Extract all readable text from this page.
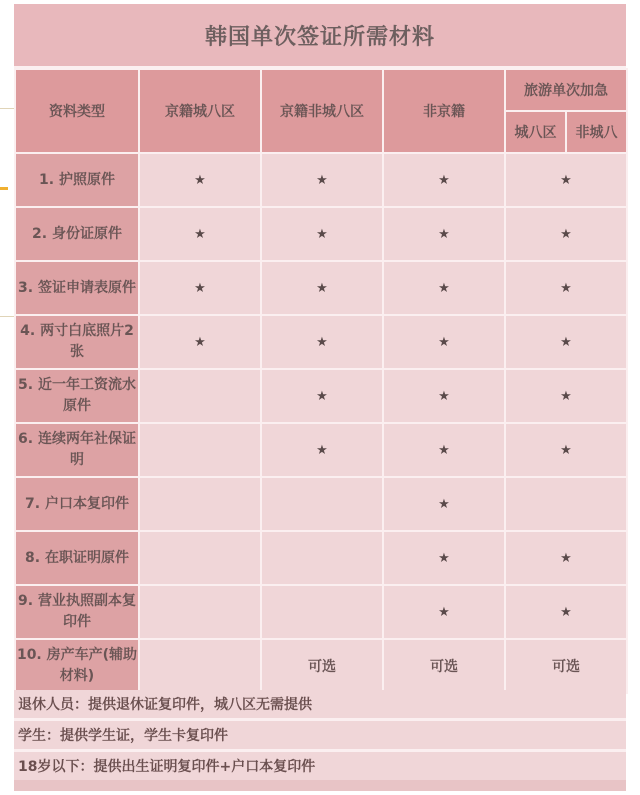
韩国单次签证所需材料
资料类型	京籍城八区	京籍非城八区	非京籍	旅游单次加急	
				城八区	非城八
1. 护照原件	★	★	★	★	
2. 身份证原件	★	★	★	★	
3. 签证申请表原件	★	★	★	★	
4. 两寸白底照片2张	★	★	★	★	
5. 近一年工资流水原件		★	★	★	
6. 连续两年社保证明		★	★	★	
7. 户口本复印件			★		
8. 在职证明原件			★	★	
9. 营业执照副本复印件			★	★	
10. 房产车产(辅助材料)		可选	可选	可选	
退休人员：提供退休证复印件，城八区无需提供
学生：提供学生证，学生卡复印件
18岁以下：提供出生证明复印件+户口本复印件
